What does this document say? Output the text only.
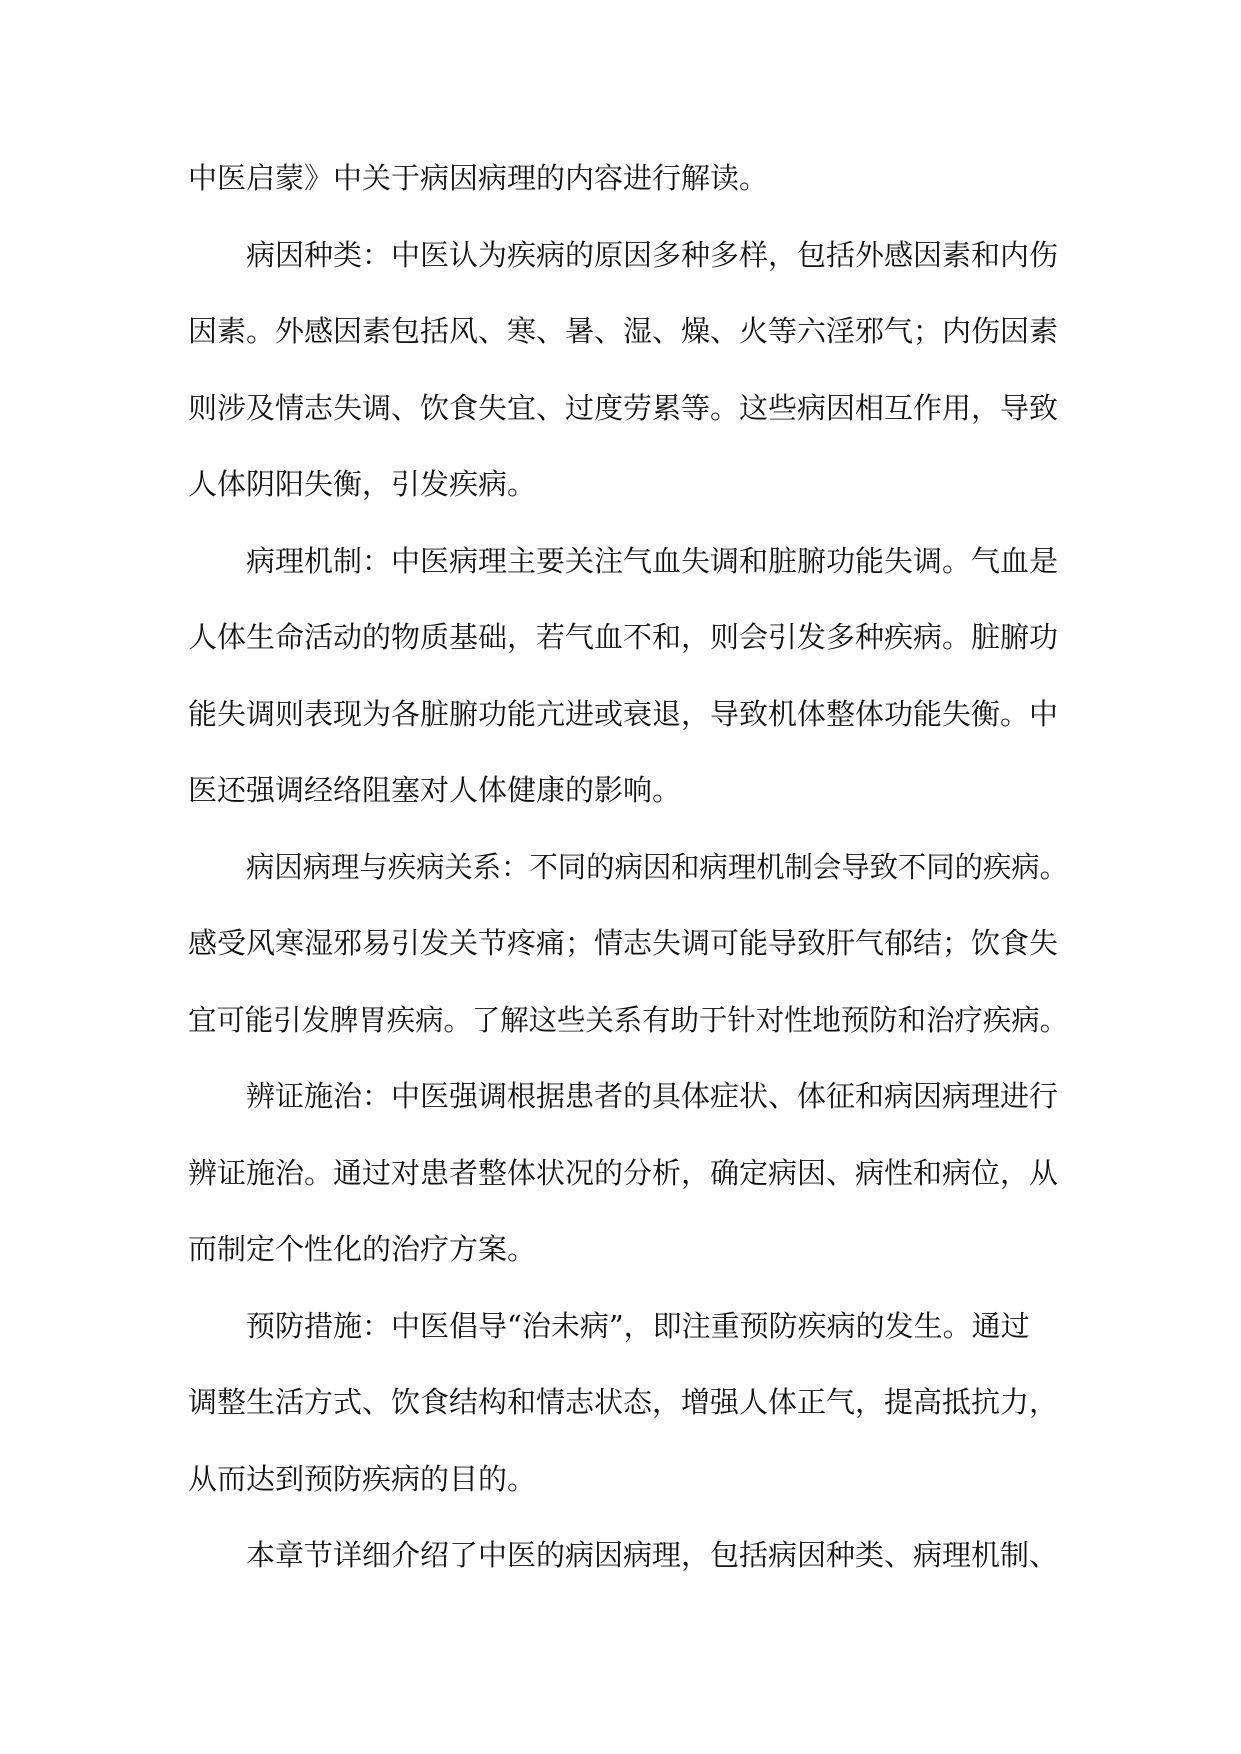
中医启蒙》中关于病因病理的内容进行解读。
病因种类：中医认为疾病的原因多种多样，包括外感因素和内伤
因素。外感因素包括风、寒、暑、湿、燥、火等六淫邪气；内伤因素
则涉及情志失调、饮食失宜、过度劳累等。这些病因相互作用，导致
人体阴阳失衡，引发疾病。
病理机制：中医病理主要关注气血失调和脏腑功能失调。气血是
人体生命活动的物质基础，若气血不和，则会引发多种疾病。脏腑功
能失调则表现为各脏腑功能亢进或衰退，导致机体整体功能失衡。中
医还强调经络阻塞对人体健康的影响。
病因病理与疾病关系：不同的病因和病理机制会导致不同的疾病。
感受风寒湿邪易引发关节疼痛；情志失调可能导致肝气郁结；饮食失
宜可能引发脾胃疾病。了解这些关系有助于针对性地预防和治疗疾病。
辨证施治：中医强调根据患者的具体症状、体征和病因病理进行
辨证施治。通过对患者整体状况的分析，确定病因、病性和病位，从
而制定个性化的治疗方案。
预防措施：中医倡导“治未病”，即注重预防疾病的发生。通过
调整生活方式、饮食结构和情志状态，增强人体正气，提高抵抗力，
从而达到预防疾病的目的。
本章节详细介绍了中医的病因病理，包括病因种类、病理机制、
